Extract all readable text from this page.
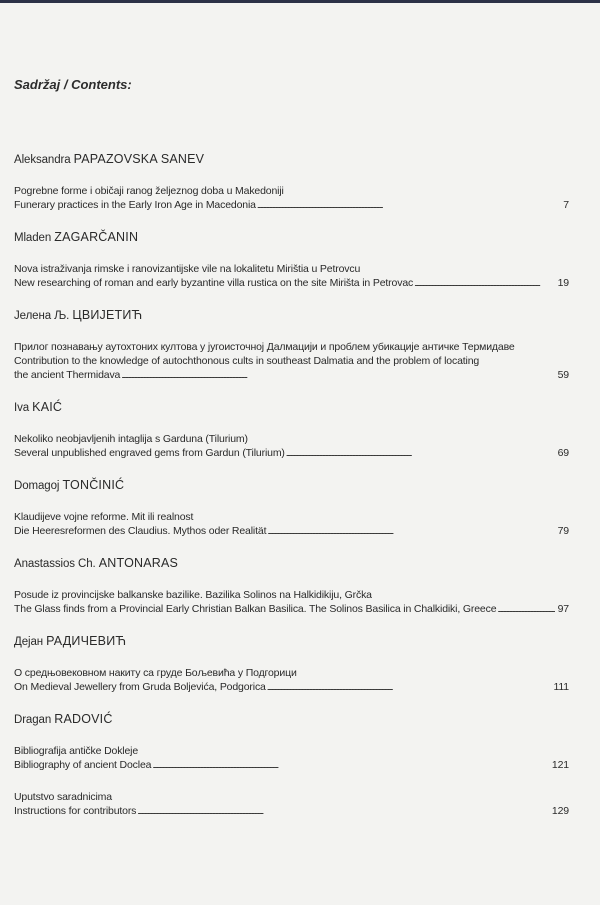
Sadržaj / Contents:
Aleksandra PAPAZOVSKA SANEV
Pogrebne forme i običaji ranog željeznog doba u Makedoniji
Funerary practices in the Early Iron Age in Macedonia . . .	7
Mladen ZAGARČANIN
Nova istraživanja rimske i ranovizantijske vile na lokalitetu Mirištia u Petrovcu
New researching of roman and early byzantine villa rustica on the site Mirišta in Petrovac . . .	19
Јелена Љ. ЦВИЈЕТИЋ
Прилог познавању аутохтоних култова у југоисточној Далмацији и проблем убикације античке Термидаве
Contribution to the knowledge of autochthonous cults in southeast Dalmatia and the problem of locating
the ancient Thermidava . . .	59
Iva KAIĆ
Nekoliko neobjavljenih intaglija s Garduna (Tilurium)
Several unpublished engraved gems from Gardun (Tilurium) . . .	69
Domagoj TONČINIĆ
Klaudijeve vojne reforme. Mit ili realnost
Die Heeresreformen des Claudius. Mythos oder Realität . . .	79
Anastassios Ch. ANTONARAS
Posude iz provincijske balkanske bazilike. Bazilika Solinos na Halkidikiju, Grčka
The Glass finds from a Provincial Early Christian Balkan Basilica. The Solinos Basilica in Chalkidiki, Greece . . .	97
Дејан РАДИЧЕВИЋ
О средњовековном накиту са груде Бољевића у Подгорици
On Medieval Jewellery from Gruda Boljevića, Podgorica . . .	111
Dragan RADOVIĆ
Bibliografija antičke Dokleje
Bibliography of ancient Doclea . . .	121
Uputstvo saradnicima
Instructions for contributors . . .	129
